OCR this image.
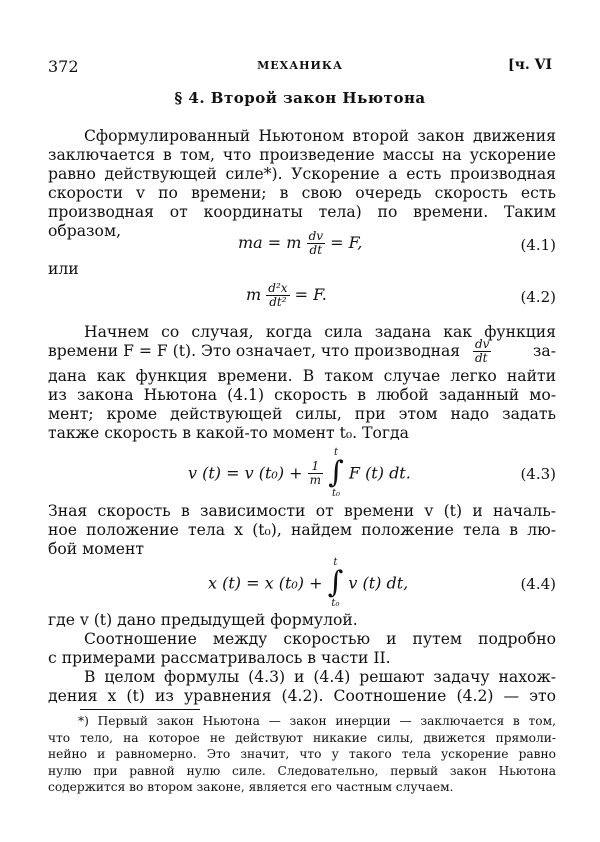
372	МЕХАНИКА	[ч. VI
§ 4. Второй закон Ньютона
Сформулированный Ньютоном второй закон движения
заключается в том, что произведение массы на ускорение
равно действующей силе*). Ускорение a есть производная
скорости v по времени; в свою очередь скорость есть
производная от координаты тела) по времени. Таким
образом,
ma = m $\frac{dv}{dt} = F$,	(4.1)
или
m $\frac{\text{d²x}}{\text{dt²}} = F$.	(4.2)
Начнем со случая, когда сила задана как функция
времени F = F (t). Это означает, что производная $\frac{dv}{dt}$	за-
дана как функция времени. В таком случае легко найти
из закона Ньютона (4.1) скорость в любой заданный мо-
мент; кроме действующей силы, при этом надо задать
также скорость в какой-то момент t₀. Тогда
v (t) = v $(t_0) + \frac{1}{m}$

t
∫
t₀
F (t) dt.	(4.3)
Зная скорость в зависимости от времени v (t) и началь-
ное положение тела x (t₀), найдем положение тела в лю-
бой момент
x (t) = x (t₀) +
t
∫
t₀
v (t) dt,	(4.4)
где v (t) дано предыдущей формулой.
Соотношение между скоростью и путем подробно
с примерами рассматривалось в части II.
В целом формулы (4.3) и (4.4) решают задачу нахож-
дения x (t) из уравнения (4.2). Соотношение (4.2) — это
*) Первый закон Ньютона — закон инерции — заключается в том,
что тело, на которое не действуют никакие силы, движется прямоли-
нейно и равномерно. Это значит, что у такого тела ускорение равно
нулю при равной нулю силе. Следовательно, первый закон Ньютона
содержится во втором законе, является его частным случаем.
